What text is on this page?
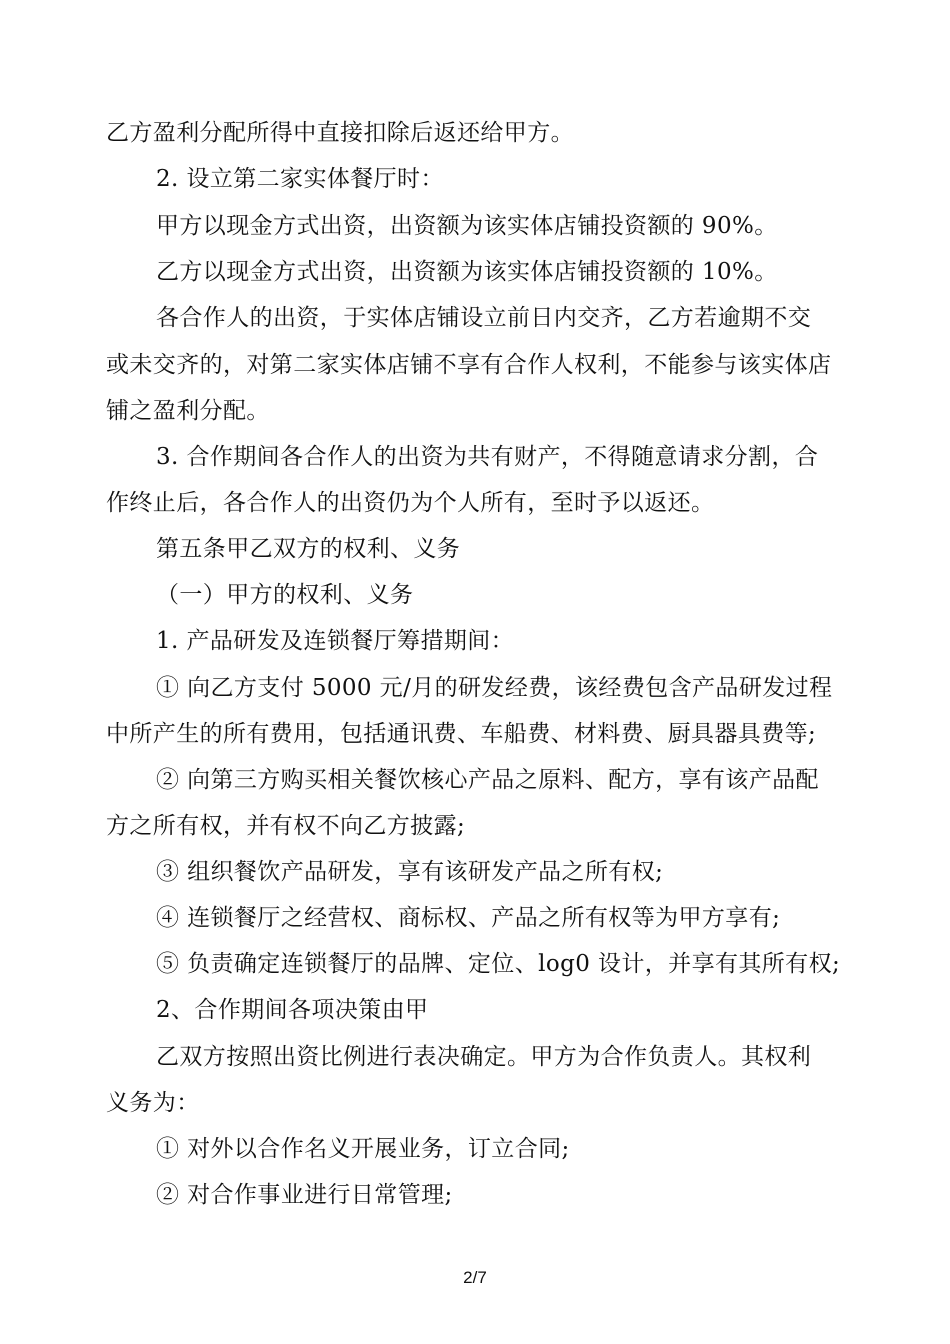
乙方盈利分配所得中直接扣除后返还给甲方。
2. 设立第二家实体餐厅时：
甲方以现金方式出资，出资额为该实体店铺投资额的 90%。
乙方以现金方式出资，出资额为该实体店铺投资额的 10%。
各合作人的出资，于实体店铺设立前日内交齐，乙方若逾期不交
或未交齐的，对第二家实体店铺不享有合作人权利，不能参与该实体店
铺之盈利分配。
3. 合作期间各合作人的出资为共有财产，不得随意请求分割，合
作终止后，各合作人的出资仍为个人所有，至时予以返还。
第五条甲乙双方的权利、义务
（一）甲方的权利、义务
1. 产品研发及连锁餐厅筹措期间：
① 向乙方支付 5000 元/月的研发经费，该经费包含产品研发过程
中所产生的所有费用，包括通讯费、车船费、材料费、厨具器具费等;
② 向第三方购买相关餐饮核心产品之原料、配方，享有该产品配
方之所有权，并有权不向乙方披露;
③ 组织餐饮产品研发，享有该研发产品之所有权;
④ 连锁餐厅之经营权、商标权、产品之所有权等为甲方享有;
⑤ 负责确定连锁餐厅的品牌、定位、log0 设计，并享有其所有权;
2、合作期间各项决策由甲
乙双方按照出资比例进行表决确定。甲方为合作负责人。其权利
义务为：
① 对外以合作名义开展业务，订立合同;
② 对合作事业进行日常管理;
2/7
